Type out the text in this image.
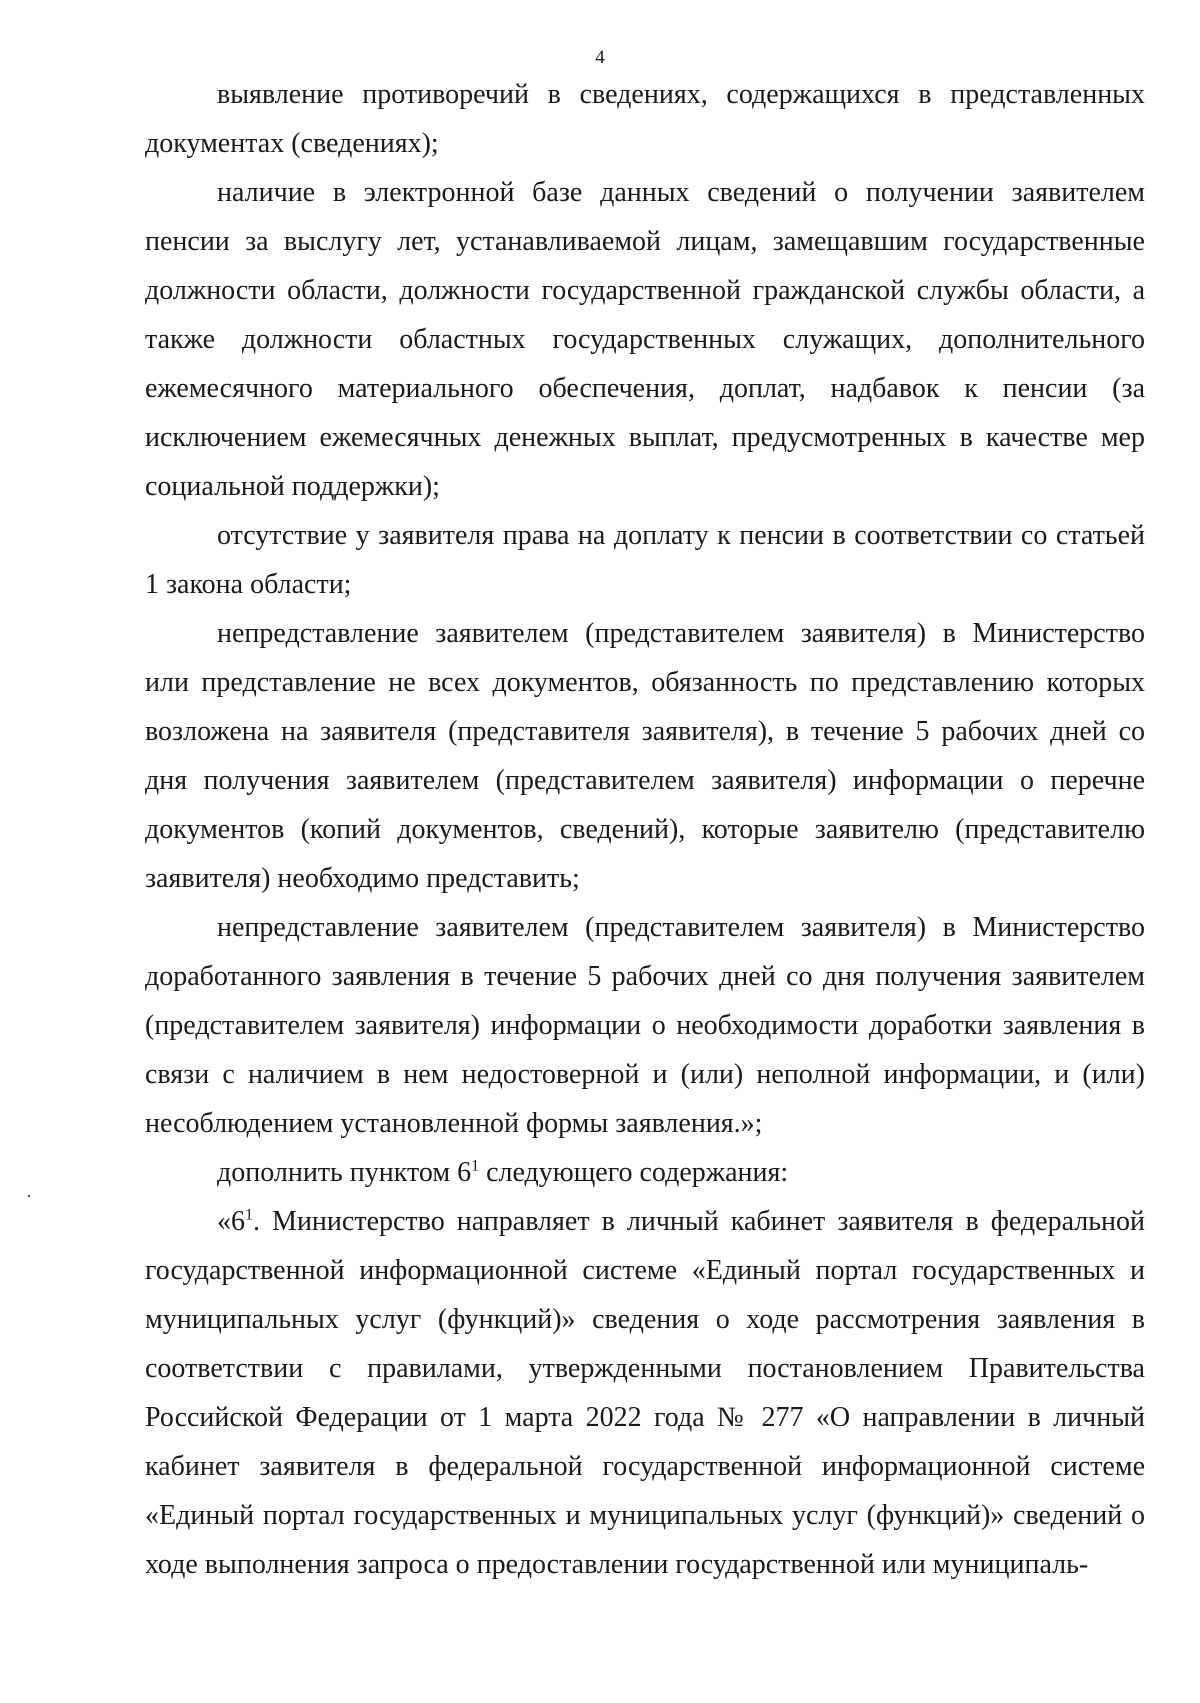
4

выявление противоречий в сведениях, содержащихся в представленных документах (сведениях);

наличие в электронной базе данных сведений о получении заявителем пенсии за выслугу лет, устанавливаемой лицам, замещавшим государственные должности области, должности государственной гражданской службы области, а также должности областных государственных служащих, дополнительного ежемесячного материального обеспечения, доплат, надбавок к пенсии (за исключением ежемесячных денежных выплат, предусмотренных в качестве мер социальной поддержки);

отсутствие у заявителя права на доплату к пенсии в соответствии со статьей 1 закона области;

непредставление заявителем (представителем заявителя) в Министерство или представление не всех документов, обязанность по представлению которых возложена на заявителя (представителя заявителя), в течение 5 рабочих дней со дня получения заявителем (представителем заявителя) информации о перечне документов (копий документов, сведений), которые заявителю (представителю заявителя) необходимо представить;

непредставление заявителем (представителем заявителя) в Министерство доработанного заявления в течение 5 рабочих дней со дня получения заявителем (представителем заявителя) информации о необходимости доработки заявления в связи с наличием в нем недостоверной и (или) неполной информации, и (или) несоблюдением установленной формы заявления.»;

дополнить пунктом $6^1$ следующего содержания:

«$6^1$. Министерство направляет в личный кабинет заявителя в федеральной государственной информационной системе «Единый портал государственных и муниципальных услуг (функций)» сведения о ходе рассмотрения заявления в соответствии с правилами, утвержденными постановлением Правительства Российской Федерации от 1 марта 2022 года № 277 «О направлении в личный кабинет заявителя в федеральной государственной информационной системе «Единый портал государственных и муниципальных услуг (функций)» сведений о ходе выполнения запроса о предоставлении государственной или муниципаль-
